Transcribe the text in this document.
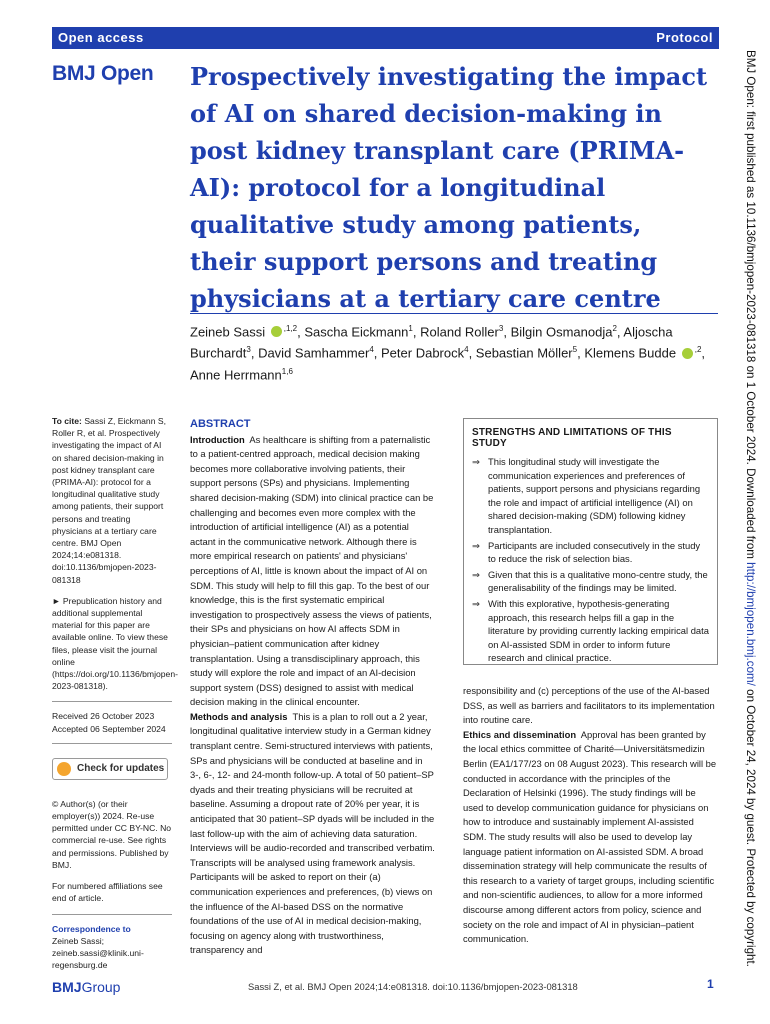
Open access	Protocol
BMJ Open Prospectively investigating the impact of AI on shared decision-making in post kidney transplant care (PRIMA-AI): protocol for a longitudinal qualitative study among patients, their support persons and treating physicians at a tertiary care centre
Zeineb Sassi $^{,1,2}$, Sascha Eickmann$^1$, Roland Roller$^3$, Bilgin Osmanodja$^2$, Aljoscha Burchardt$^3$, David Samhammer$^4$, Peter Dabrock$^4$, Sebastian Möller$^5$, Klemens Budde $^{,2}$, Anne Herrmann$^{1,6}$

To cite: Sassi Z, Eickmann S, Roller R, et al. Prospectively investigating the impact of AI on shared decision-making in post kidney transplant care (PRIMA-AI): protocol for a longitudinal qualitative study among patients, their support persons and treating physicians at a tertiary care centre. BMJ Open 2024;14:e081318. doi:10.1136/bmjopen-2023-081318

► Prepublication history and additional supplemental material for this paper are available online. To view these files, please visit the journal online (https://doi.org/10.1136/bmjopen-2023-081318).

Received 26 October 2023
Accepted 06 September 2024
Check for updates

© Author(s) (or their employer(s)) 2024. Re-use permitted under CC BY-NC. No commercial re-use. See rights and permissions. Published by BMJ.

For numbered affiliations see end of article.

Correspondence to
Zeineb Sassi;
zeineb.sassi@klinik.uni-regensburg.de
ABSTRACT

Introduction As healthcare is shifting from a paternalistic to a patient-centred approach, medical decision making becomes more collaborative involving patients, their support persons (SPs) and physicians. Implementing shared decision-making (SDM) into clinical practice can be challenging and becomes even more complex with the introduction of artificial intelligence (AI) as a potential actant in the communicative network. Although there is more empirical research on patients' and physicians' perceptions of AI, little is known about the impact of AI on SDM. This study will help to fill this gap. To the best of our knowledge, this is the first systematic empirical investigation to prospectively assess the views of patients, their SPs and physicians on how AI affects SDM in physician–patient communication after kidney transplantation. Using a transdisciplinary approach, this study will explore the role and impact of an AI-decision support system (DSS) designed to assist with medical decision making in the clinical encounter.

Methods and analysis This is a plan to roll out a 2 year, longitudinal qualitative interview study in a German kidney transplant centre. Semi-structured interviews with patients, SPs and physicians will be conducted at baseline and in 3-, 6-, 12- and 24-month follow-up. A total of 50 patient–SP dyads and their treating physicians will be recruited at baseline. Assuming a dropout rate of 20% per year, it is anticipated that 30 patient–SP dyads will be included in the last follow-up with the aim of achieving data saturation. Interviews will be audio-recorded and transcribed verbatim. Transcripts will be analysed using framework analysis. Participants will be asked to report on their (a) communication experiences and preferences, (b) views on the influence of the AI-based DSS on the normative foundations of the use of AI in medical decision-making, focusing on agency along with trustworthiness, transparency and

STRENGTHS AND LIMITATIONS OF THIS STUDY
⇒ This longitudinal study will investigate the communication experiences and preferences of patients, support persons and physicians regarding the role and impact of artificial intelligence (AI) on shared decision-making (SDM) following kidney transplantation.
⇒ Participants are included consecutively in the study to reduce the risk of selection bias.
⇒ Given that this is a qualitative mono-centre study, the generalisability of the findings may be limited.
⇒ With this explorative, hypothesis-generating approach, this research helps fill a gap in the literature by providing currently lacking empirical data on AI-assisted SDM in order to inform future research and clinical practice.

responsibility and (c) perceptions of the use of the AI-based DSS, as well as barriers and facilitators to its implementation into routine care.

Ethics and dissemination Approval has been granted by the local ethics committee of Charité—Universitätsmedizin Berlin (EA1/177/23 on 08 August 2023). This research will be conducted in accordance with the principles of the Declaration of Helsinki (1996). The study findings will be used to develop communication guidance for physicians on how to introduce and sustainably implement AI-assisted SDM. The study results will also be used to develop lay language patient information on AI-assisted SDM. A broad dissemination strategy will help communicate the results of this research to a variety of target groups, including scientific and non-scientific audiences, to allow for a more informed discourse among different actors from policy, science and society on the role and impact of AI in physician–patient communication.

BMJGroup	Sassi Z, et al. BMJ Open 2024;14:e081318. doi:10.1136/bmjopen-2023-081318	1
BMJ Open: first published as 10.1136/bmjopen-2023-081318 on 1 October 2024. Downloaded from http://bmjopen.bmj.com/ on October 24, 2024 by guest. Protected by copyright.
